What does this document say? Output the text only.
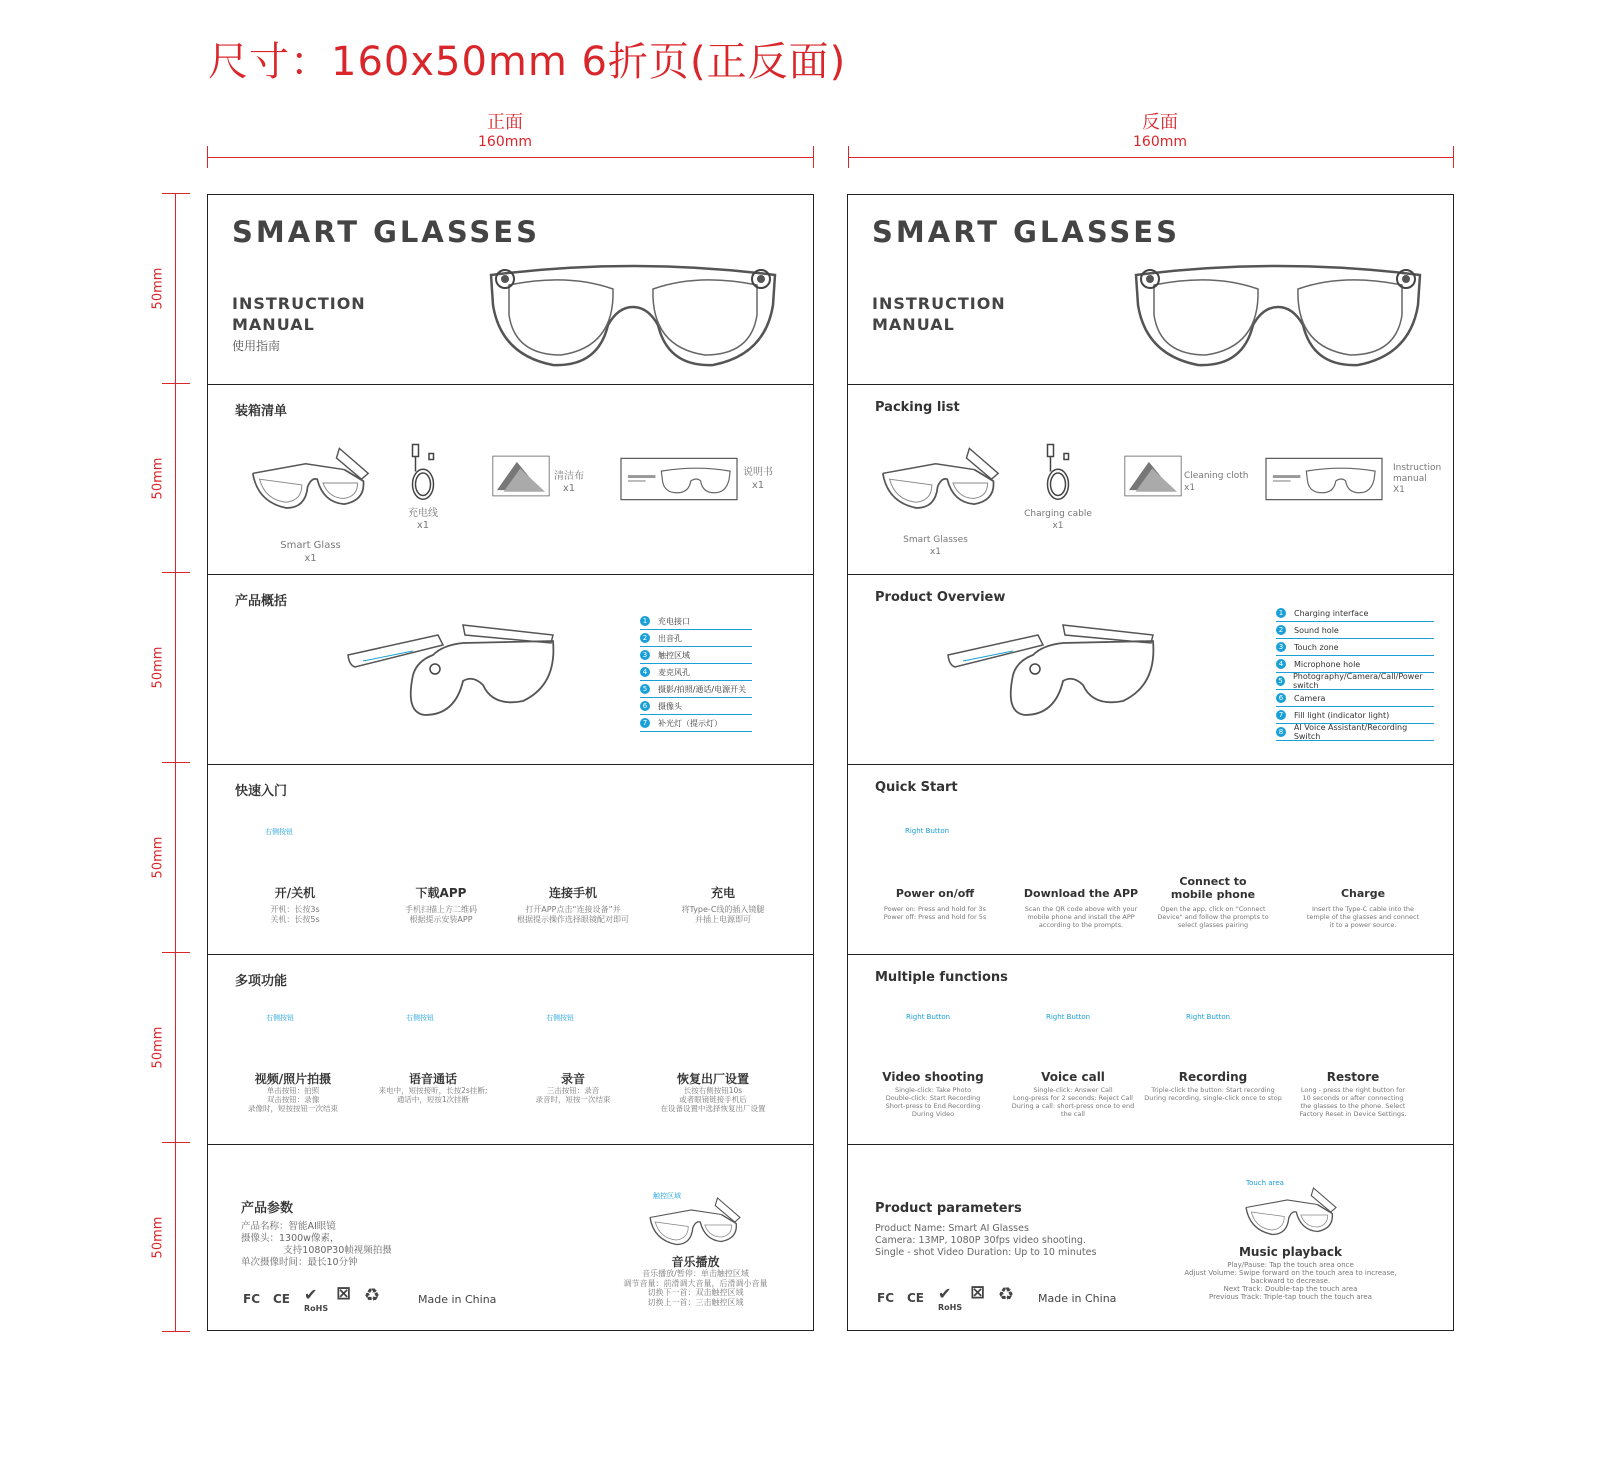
尺寸：160x50mm 6折页(正反面)
正面
160mm
反面
160mm
50mm
50mm
50mm
50mm
50mm
50mm
SMART GLASSES
INSTRUCTION
MANUAL
使用指南
装箱清单
Smart Glass
x1
充电线
x1
清洁布
x1
说明书
x1
产品概括
1	充电接口
2	出音孔
3	触控区域
4	麦克风孔
5	摄影/拍照/通话/电源开关
6	摄像头
7	补光灯（提示灯）
快速入门
右侧按钮
开/关机
开机：长按3s
关机：长按5s
下载APP
手机扫描上方二维码
根据提示安装APP
连接手机
打开APP点击“连接设备”并
根据提示操作选择眼镜配对即可
充电
将Type-C线的插入镜腿
并插上电源即可
多项功能
右侧按钮
视频/照片拍摄
单击按钮：拍照
双击按钮：录像
录像时，短按按钮一次结束
右侧按钮
语音通话
来电中，短按接听，长按2s挂断;
通话中，短按1次挂断
右侧按钮
录音
三击按钮：录音
录音时，短按一次结束
恢复出厂设置
长按右侧按钮10s
或者眼镜链接手机后
在设备设置中选择恢复出厂设置
产品参数
产品名称：智能AI眼镜
摄像头：1300w像素，
支持1080P30帧视频拍摄
单次摄像时间：最长10分钟
FC CE ✔
RoHS
⊠ ♻	Made in China
触控区域
音乐播放
音乐播放/暂停：单击触控区域
调节音量：前滑调大音量，后滑调小音量
切换下一首：双击触控区域
切换上一首：三击触控区域
SMART GLASSES
INSTRUCTION
MANUAL
Packing list
Smart Glasses
x1
Charging cable
x1
Cleaning cloth
x1
Instruction
manual
X1
Product Overview
1	Charging interface
2	Sound hole
3	Touch zone
4	Microphone hole
5 Photography/Camera/Call/Power switch
6	Camera
7	Fill light (indicator light)
8	AI Voice Assistant/Recording Switch
Quick Start
Right Button
Power on/off
Power on: Press and hold for 3s
Power off: Press and hold for 5s
Download the APP
Scan the QR code above with your
mobile phone and install the APP
according to the prompts.
Connect to
mobile phone
Open the app, click on "Connect
Device" and follow the prompts to
select glasses pairing
Charge
Insert the Type-C cable into the
temple of the glasses and connect
it to a power source.
Multiple functions
Right Button
Video shooting
Single-click: Take Photo
Double-click: Start Recording
Short-press to End Recording
During Video
Right Button
Voice call
Single-click: Answer Call
Long-press for 2 seconds: Reject Call
During a call: short-press once to end
the call
Right Button
Recording
Triple-click the button: Start recording
During recording, single-click once to stop
Restore
Long - press the right button for
10 seconds or after connecting
the glasses to the phone. Select
Factory Reset in Device Settings.
Product parameters
Product Name: Smart AI Glasses
Camera: 13MP, 1080P 30fps video shooting.
Single - shot Video Duration: Up to 10 minutes
FC CE ✔
RoHS
⊠ ♻ Made in China
Touch area
Music playback
Play/Pause: Tap the touch area once
Adjust Volume: Swipe forward on the touch area to increase,
backward to decrease.
Next Track: Double-tap the touch area
Previous Track: Triple-tap touch the touch area
